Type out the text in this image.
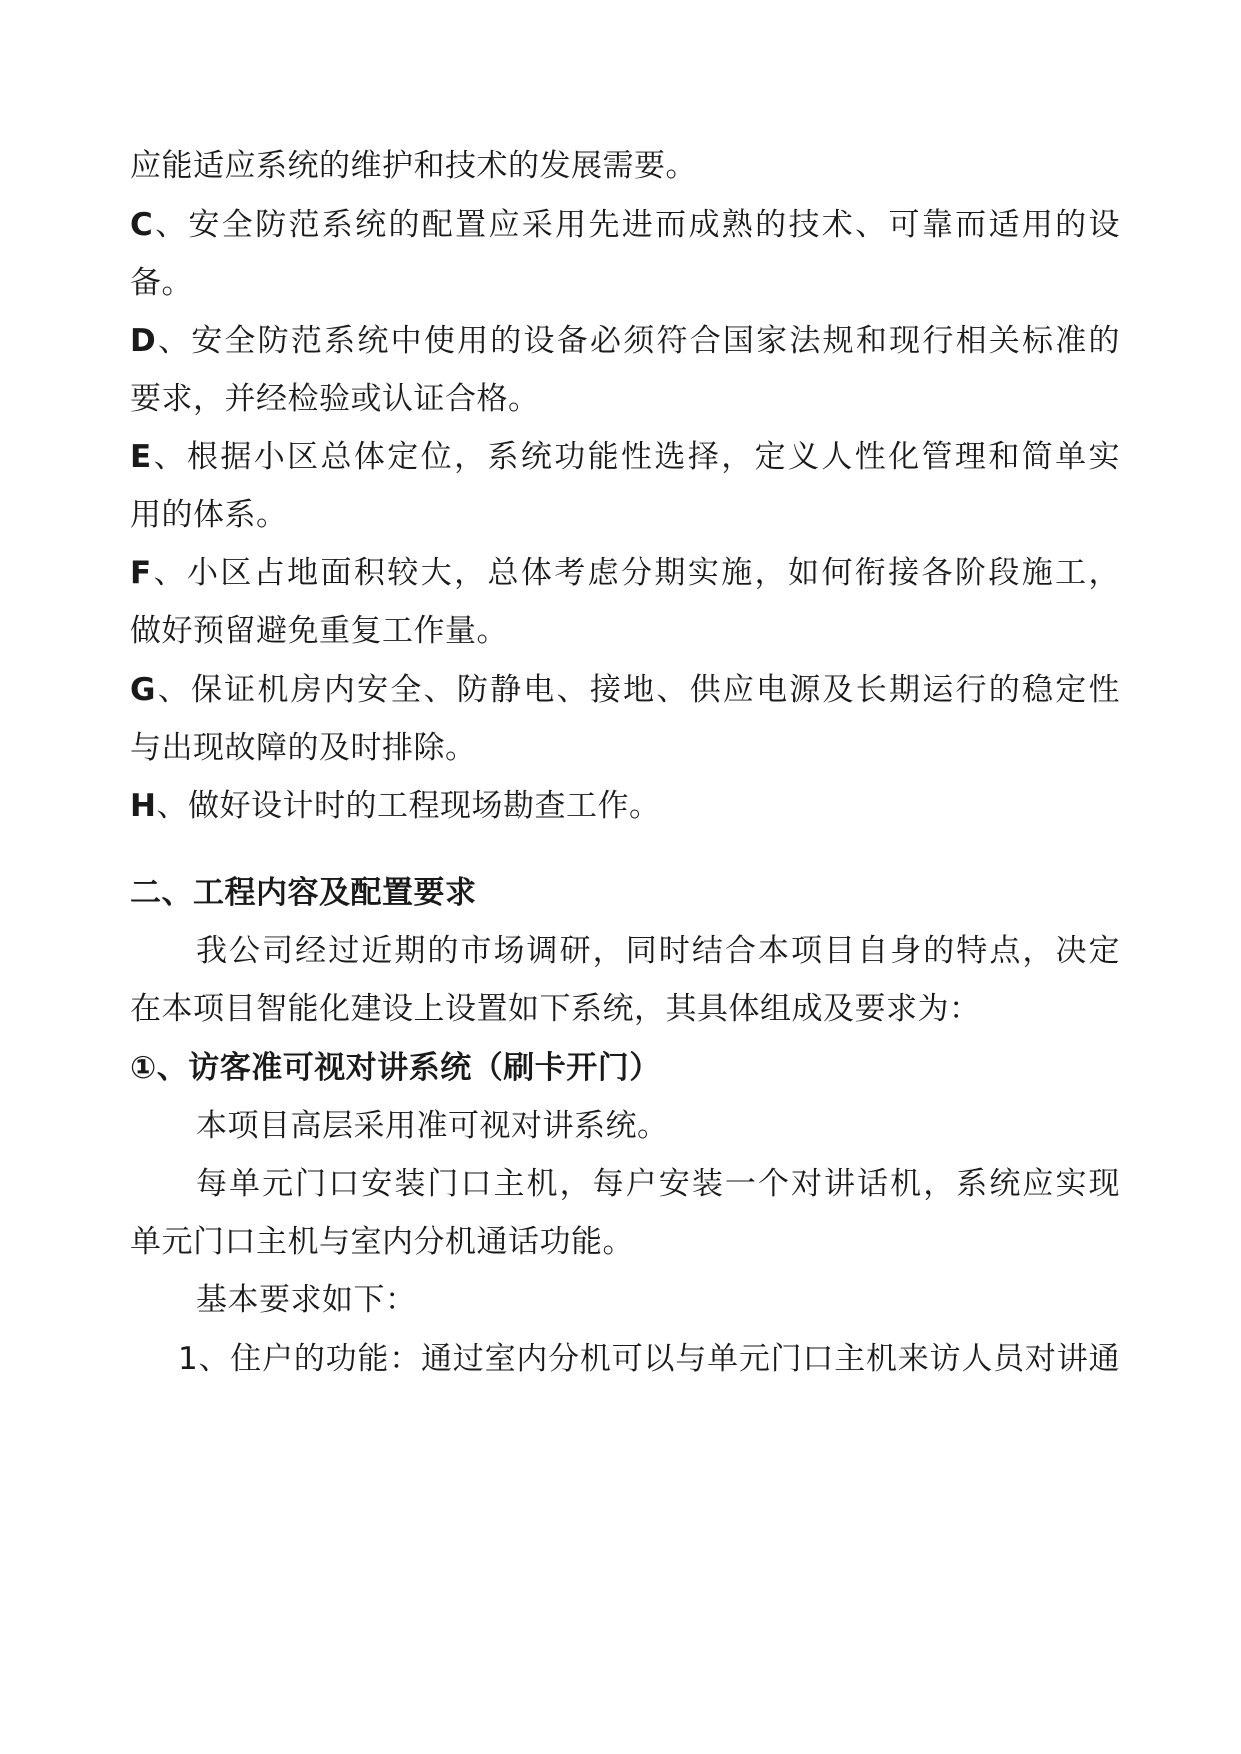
应能适应系统的维护和技术的发展需要。
C、安全防范系统的配置应采用先进而成熟的技术、可靠而适用的设
备。
D、安全防范系统中使用的设备必须符合国家法规和现行相关标准的
要求，并经检验或认证合格。
E、根据小区总体定位，系统功能性选择，定义人性化管理和简单实
用的体系。
F、小区占地面积较大，总体考虑分期实施，如何衔接各阶段施工，
做好预留避免重复工作量。
G、保证机房内安全、防静电、接地、供应电源及长期运行的稳定性
与出现故障的及时排除。
H、做好设计时的工程现场勘查工作。
二、工程内容及配置要求
我公司经过近期的市场调研，同时结合本项目自身的特点，决定
在本项目智能化建设上设置如下系统，其具体组成及要求为：
①、访客准可视对讲系统（刷卡开门）
本项目高层采用准可视对讲系统。
每单元门口安装门口主机，每户安装一个对讲话机，系统应实现
单元门口主机与室内分机通话功能。
基本要求如下：
1、住户的功能：通过室内分机可以与单元门口主机来访人员对讲通
